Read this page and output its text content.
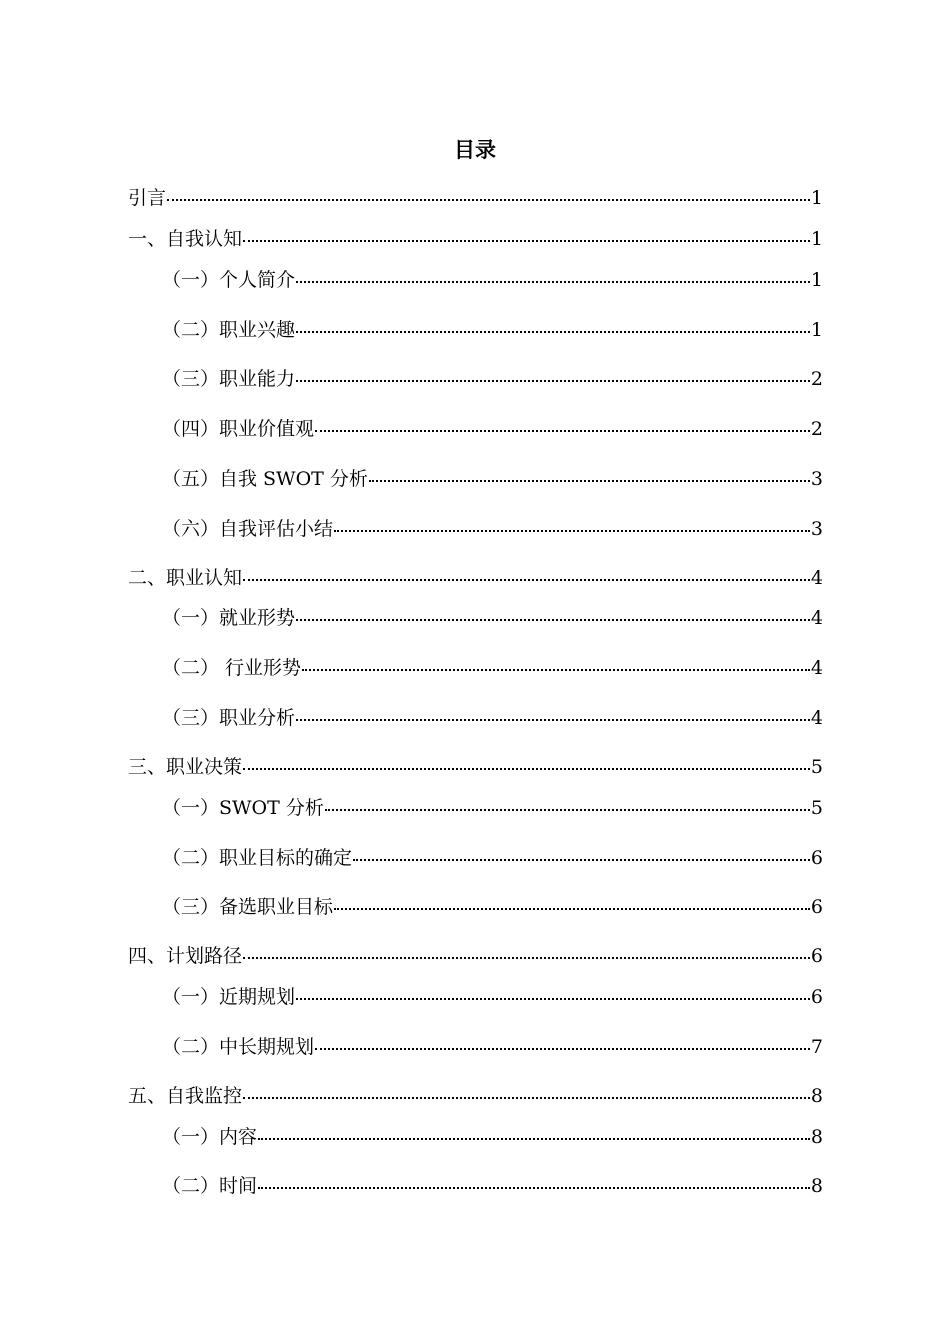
目录
引言	1
一、自我认知	1
（一）个人简介	1
（二）职业兴趣	1
（三）职业能力	2
（四）职业价值观	2
（五）自我 SWOT 分析	3
（六）自我评估小结	3
二、职业认知	4
（一）就业形势	4
（二） 行业形势	4
（三）职业分析	4
三、职业决策	5
（一）SWOT 分析	5
（二）职业目标的确定	6
（三）备选职业目标	6
四、计划路径	6
（一）近期规划	6
（二）中长期规划	7
五、自我监控	8
（一）内容	8
（二）时间	8
